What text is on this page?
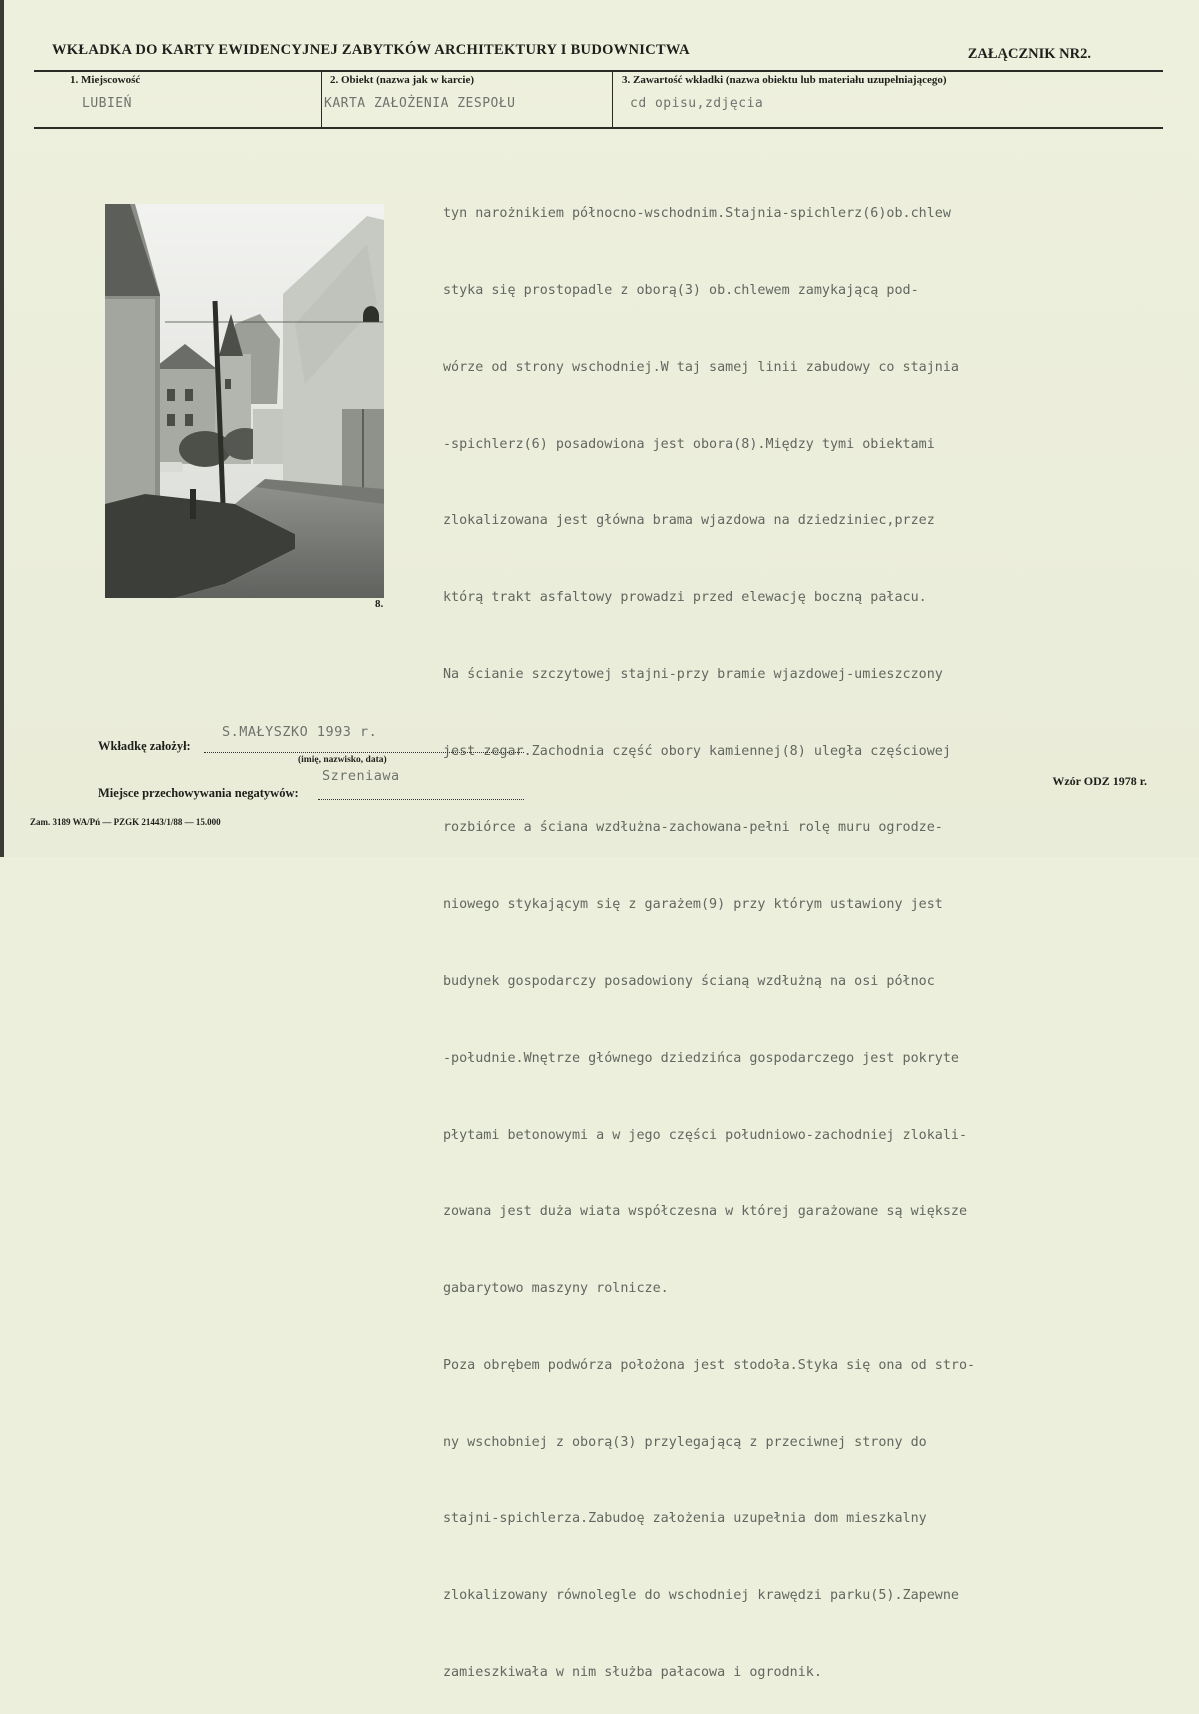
WKŁADKA DO KARTY EWIDENCYJNEJ ZABYTKÓW ARCHITEKTURY I BUDOWNICTWA	ZAŁĄCZNIK NR2.
1. Miejscowość
LUBIEŃ
2. Obiekt (nazwa jak w karcie)
KARTA ZAŁOŻENIA ZESPOŁU
3. Zawartość wkładki (nazwa obiektu lub materiału uzupełniającego)
cd opisu,zdjęcia
8.

tyn narożnikiem północno-wschodnim.Stajnia-spichlerz(6)ob.chlew

styka się prostopadle z oborą(3) ob.chlewem zamykającą pod-

wórze od strony wschodniej.W taj samej linii zabudowy co stajnia

-spichlerz(6) posadowiona jest obora(8).Między tymi obiektami

zlokalizowana jest główna brama wjazdowa na dziedziniec,przez

którą trakt asfaltowy prowadzi przed elewację boczną pałacu.

Na ścianie szczytowej stajni-przy bramie wjazdowej-umieszczony

jest zegar.Zachodnia część obory kamiennej(8) uległa częściowej

rozbiórce a ściana wzdłużna-zachowana-pełni rolę muru ogrodze-

niowego stykającym się z garażem(9) przy którym ustawiony jest

budynek gospodarczy posadowiony ścianą wzdłużną na osi północ

-południe.Wnętrze głównego dziedzińca gospodarczego jest pokryte

płytami betonowymi a w jego części południowo-zachodniej zlokali-

zowana jest duża wiata współczesna w której garażowane są większe

gabarytowo maszyny rolnicze.

Poza obrębem podwórza położona jest stodoła.Styka się ona od stro-

ny wschobniej z oborą(3) przylegającą z przeciwnej strony do

stajni-spichlerza.Zabudoę założenia uzupełnia dom mieszkalny

zlokalizowany równolegle do wschodniej krawędzi parku(5).Zapewne

zamieszkiwała w nim służba pałacowa i ogrodnik.

S.MAŁYSZKO 1993 r.
Wkładkę założył:
(imię, nazwisko, data)
Szreniawa
Miejsce przechowywania negatywów:
Zam. 3189 WA/Pń — PZGK 21443/1/88 — 15.000
Wzór ODZ 1978 r.
